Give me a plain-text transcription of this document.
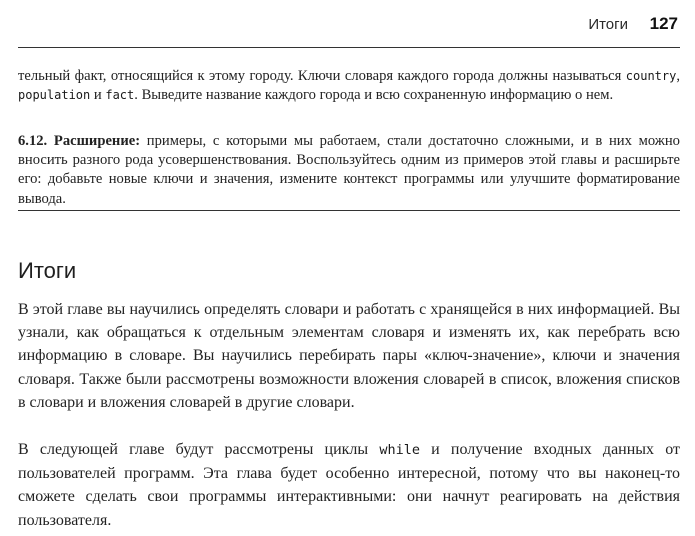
Итоги 127

тельный факт, относящийся к этому городу. Ключи словаря каждого города должны называться country, population и fact. Выведите название каждого города и всю сохраненную информацию о нем.

6.12. Расширение: примеры, с которыми мы работаем, стали достаточно сложными, и в них можно вносить разного рода усовершенствования. Воспользуйтесь одним из примеров этой главы и расширьте его: добавьте новые ключи и значения, измените контекст программы или улучшите форматирование вывода.

Итоги

В этой главе вы научились определять словари и работать с хранящейся в них информацией. Вы узнали, как обращаться к отдельным элементам словаря и изменять их, как перебрать всю информацию в словаре. Вы научились перебирать пары «ключ-значение», ключи и значения словаря. Также были рассмотрены возможности вложения словарей в список, вложения списков в словари и вложения словарей в другие словари.

В следующей главе будут рассмотрены циклы while и получение входных данных от пользователей программ. Эта глава будет особенно интересной, потому что вы наконец-то сможете сделать свои программы интерактивными: они начнут реагировать на действия пользователя.
